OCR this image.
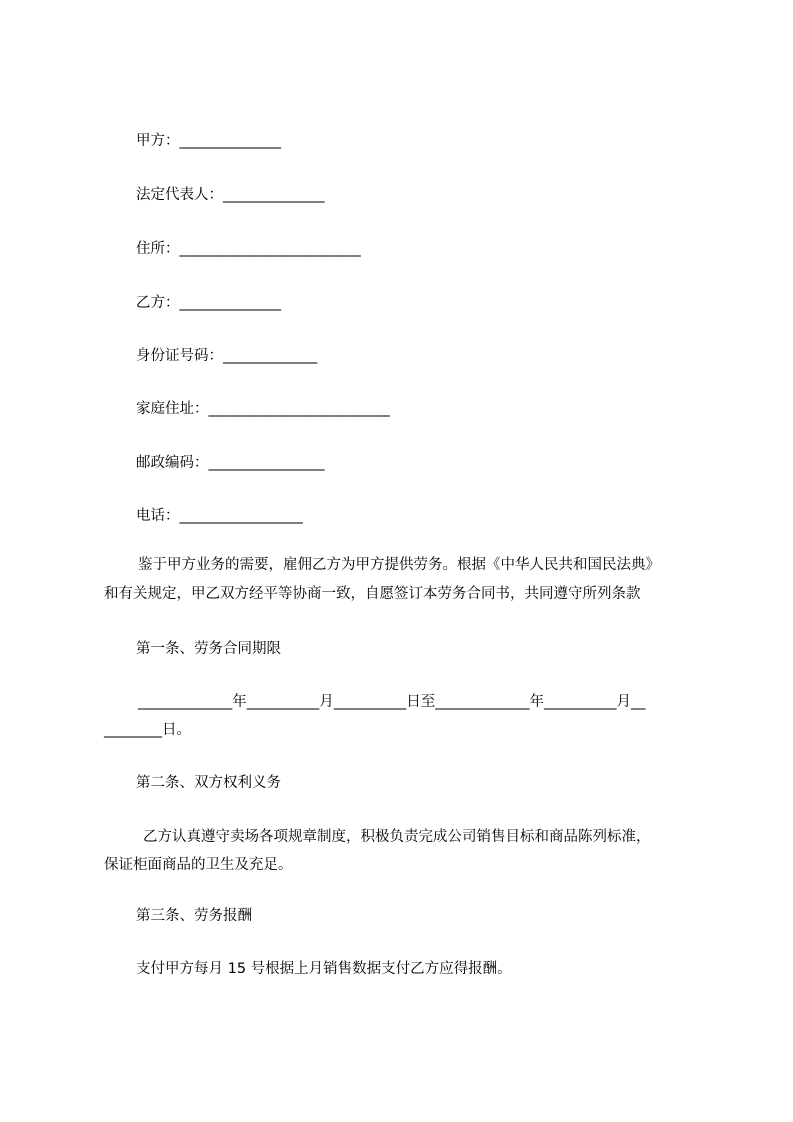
甲方：______________
法定代表人：______________
住所：_________________________
乙方：______________
身份证号码：_____________
家庭住址：_________________________
邮政编码：________________
电话：_________________
鉴于甲方业务的需要，雇佣乙方为甲方提供劳务。根据《中华人民共和国民法典》
和有关规定，甲乙双方经平等协商一致，自愿签订本劳务合同书，共同遵守所列条款
第一条、劳务合同期限
_____________年__________月__________日至_____________年__________月__
________日。
第二条、双方权利义务
乙方认真遵守卖场各项规章制度，积极负责完成公司销售目标和商品陈列标准，
保证柜面商品的卫生及充足。
第三条、劳务报酬
支付甲方每月 15 号根据上月销售数据支付乙方应得报酬。
